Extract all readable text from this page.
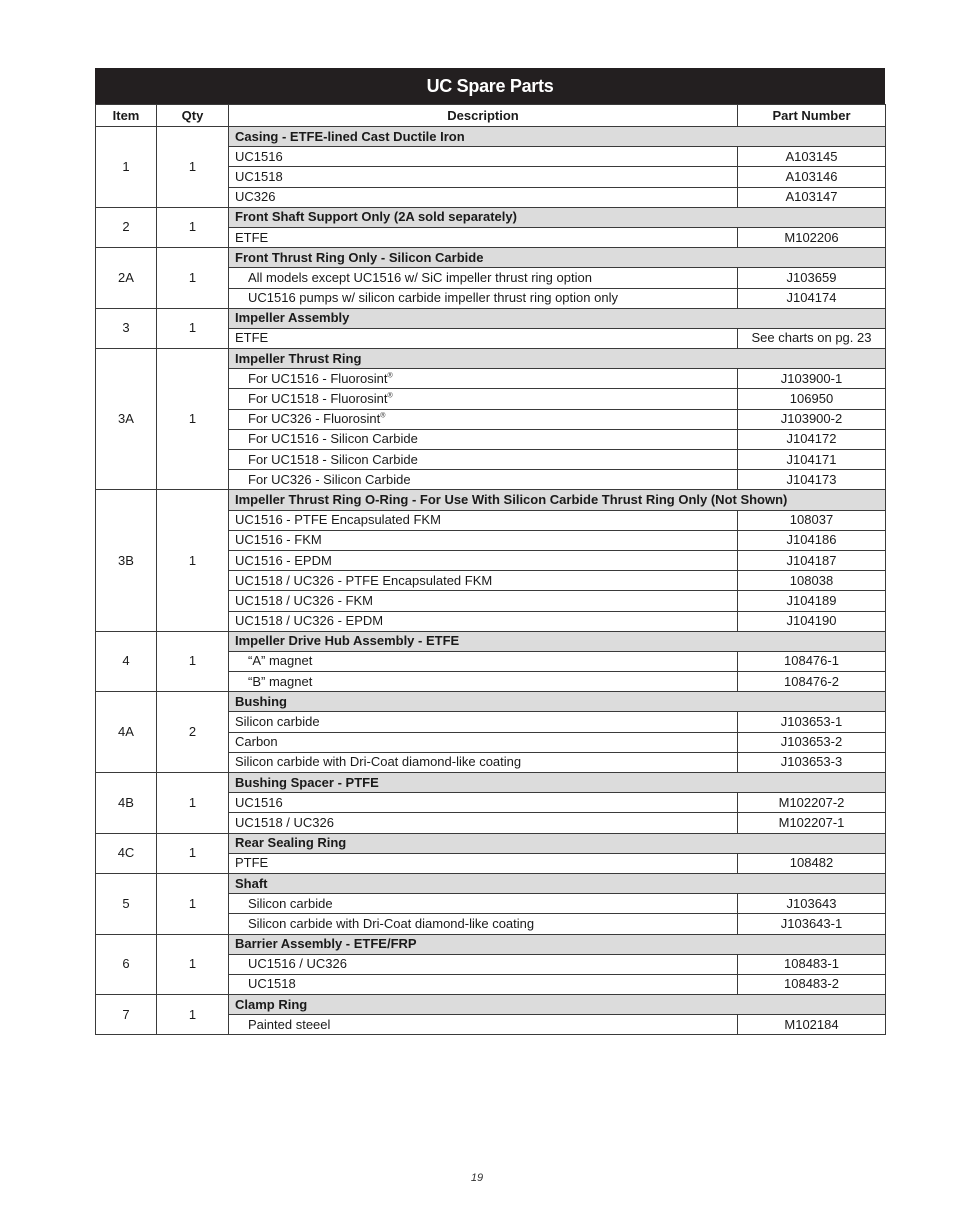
UC Spare Parts
Item	Qty	Description	Part Number
1	1	Casing - ETFE-lined Cast Ductile Iron	
		UC1516	A103145
		UC1518	A103146
		UC326	A103147
2	1	Front Shaft Support Only (2A sold separately)	
		ETFE	M102206
2A	1	Front Thrust Ring Only - Silicon Carbide	
		All models except UC1516 w/ SiC impeller thrust ring option	J103659
		UC1516 pumps w/ silicon carbide impeller thrust ring option only	J104174
3	1	Impeller Assembly	
		ETFE	See charts on pg. 23
3A	1	Impeller Thrust Ring	
		For UC1516 - Fluorosint®	J103900-1
		For UC1518 - Fluorosint®	106950
		For UC326 - Fluorosint®	J103900-2
		For UC1516 - Silicon Carbide	J104172
		For UC1518 - Silicon Carbide	J104171
		For UC326 - Silicon Carbide	J104173
3B	1	Impeller Thrust Ring O-Ring - For Use With Silicon Carbide Thrust Ring Only (Not Shown)	
		UC1516 - PTFE Encapsulated FKM	108037
		UC1516 - FKM	J104186
		UC1516 - EPDM	J104187
		UC1518 / UC326 - PTFE Encapsulated FKM	108038
		UC1518 / UC326 - FKM	J104189
		UC1518 / UC326 - EPDM	J104190
4	1	Impeller Drive Hub Assembly - ETFE	
		“A” magnet	108476-1
		“B” magnet	108476-2
4A	2	Bushing	
		Silicon carbide	J103653-1
		Carbon	J103653-2
		Silicon carbide with Dri-Coat diamond-like coating	J103653-3
4B	1	Bushing Spacer - PTFE	
		UC1516	M102207-2
		UC1518 / UC326	M102207-1
4C	1	Rear Sealing Ring	
		PTFE	108482
5	1	Shaft	
		Silicon carbide	J103643
		Silicon carbide with Dri-Coat diamond-like coating	J103643-1
6	1	Barrier Assembly - ETFE/FRP	
		UC1516 / UC326	108483-1
		UC1518	108483-2
7	1	Clamp Ring	
		Painted steeel	M102184
19
